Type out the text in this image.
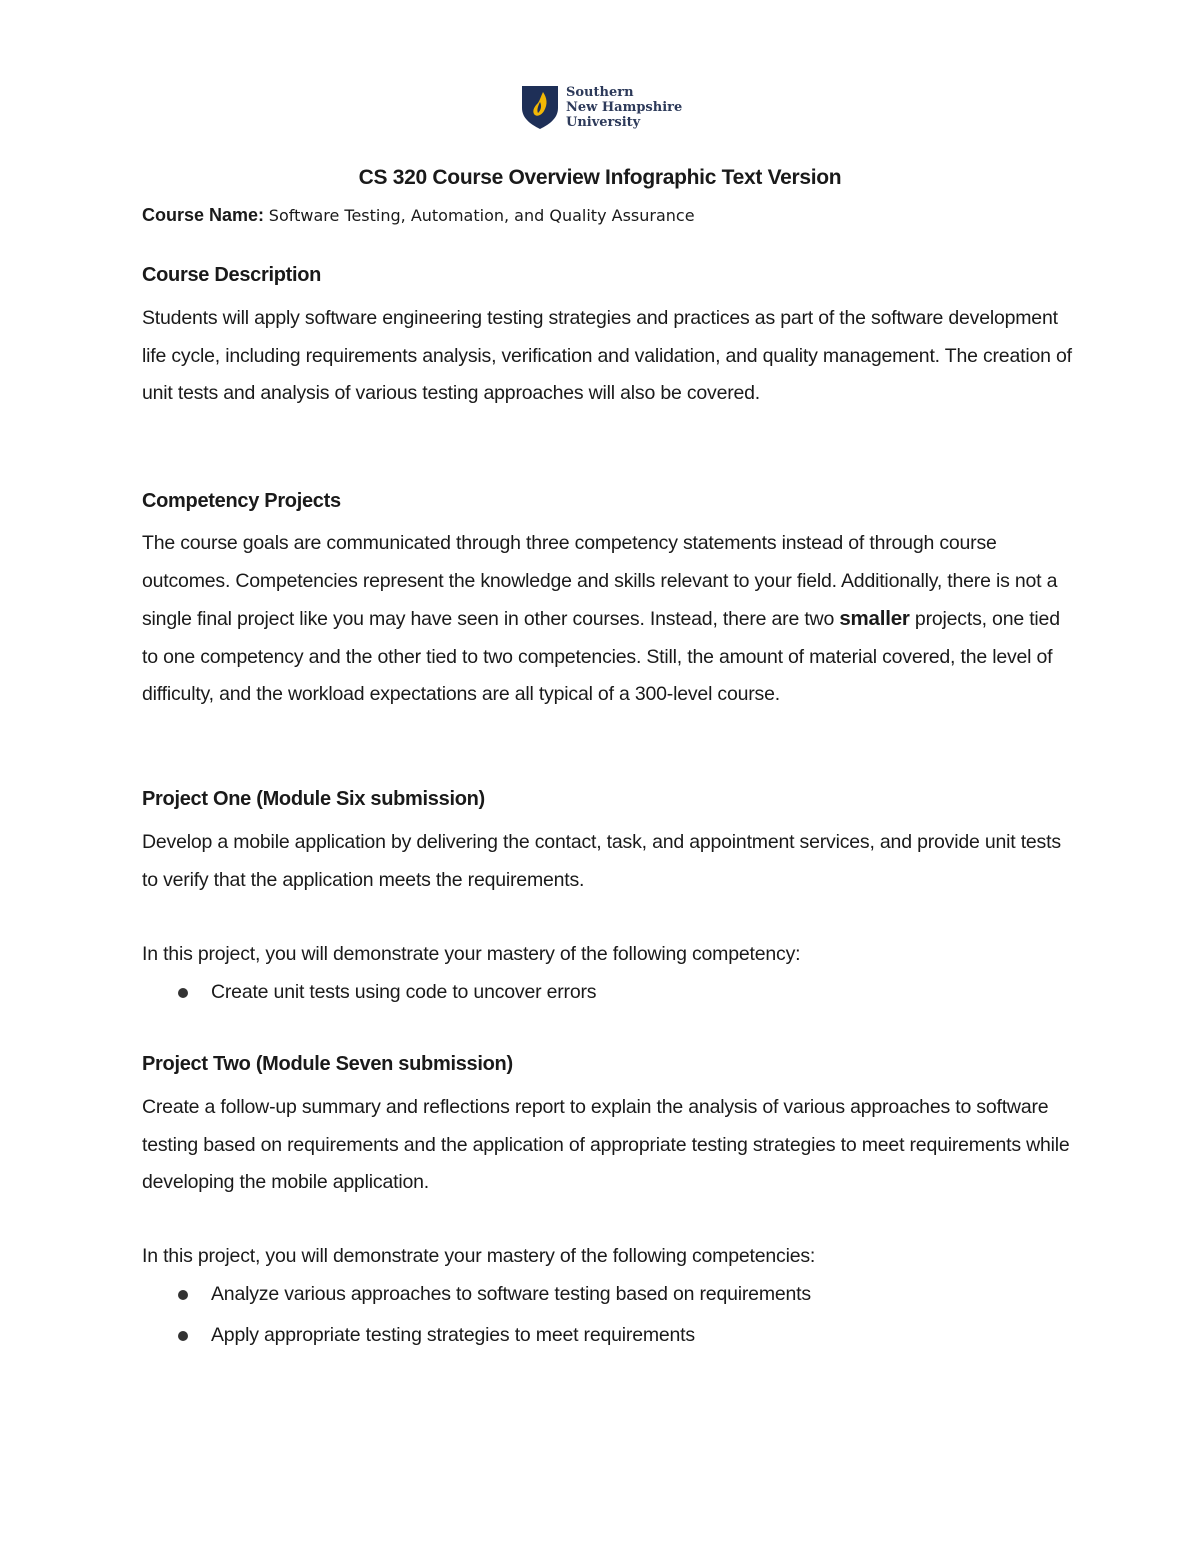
Southern
New Hampshire
University
CS 320 Course Overview Infographic Text Version

Course Name: Software Testing, Automation, and Quality Assurance

Course Description

Students will apply software engineering testing strategies and practices as part of the software development life cycle, including requirements analysis, verification and validation, and quality management. The creation of unit tests and analysis of various testing approaches will also be covered.

Competency Projects

The course goals are communicated through three competency statements instead of through course outcomes. Competencies represent the knowledge and skills relevant to your field. Additionally, there is not a single final project like you may have seen in other courses. Instead, there are two smaller projects, one tied to one competency and the other tied to two competencies. Still, the amount of material covered, the level of difficulty, and the workload expectations are all typical of a 300-level course.

Project One (Module Six submission)

Develop a mobile application by delivering the contact, task, and appointment services, and provide unit tests to verify that the application meets the requirements.

In this project, you will demonstrate your mastery of the following competency:

Create unit tests using code to uncover errors
Project Two (Module Seven submission)

Create a follow-up summary and reflections report to explain the analysis of various approaches to software testing based on requirements and the application of appropriate testing strategies to meet requirements while developing the mobile application.

In this project, you will demonstrate your mastery of the following competencies:

Analyze various approaches to software testing based on requirements
Apply appropriate testing strategies to meet requirements
